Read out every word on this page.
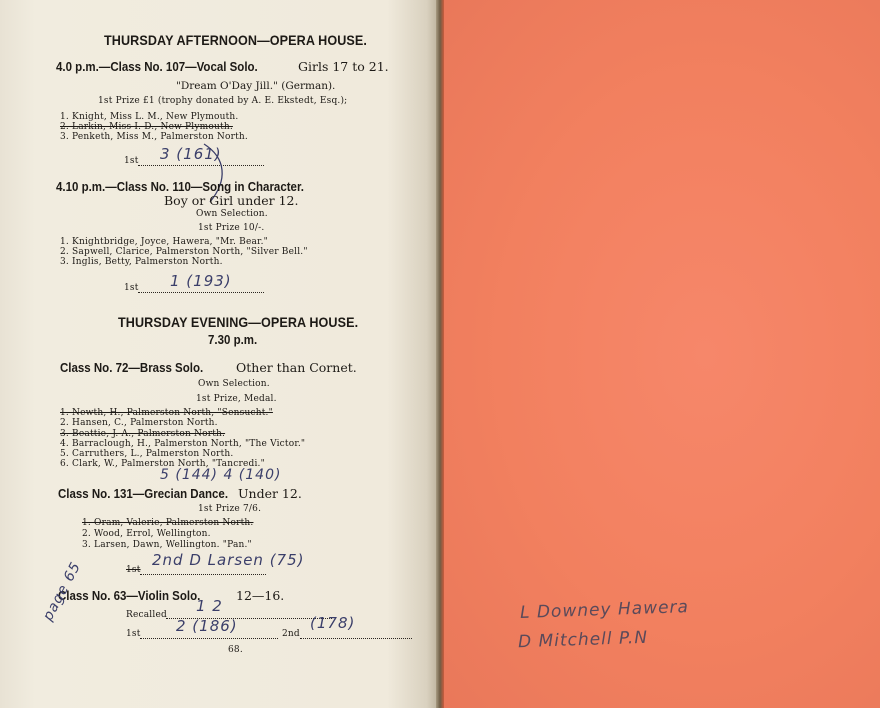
THURSDAY AFTERNOON—OPERA HOUSE.
4.0 p.m.—Class No. 107—Vocal Solo.	Girls 17 to 21.
"Dream O'Day Jill." (German).
1st Prize £1 (trophy donated by A. E. Ekstedt, Esq.);
1. Knight, Miss L. M., New Plymouth.
2. Larkin, Miss I. D., New Plymouth.
3. Penketh, Miss M., Palmerston North.
1st 3 (161)
4.10 p.m.—Class No. 110—Song in Character.
Boy or Girl under 12.
Own Selection.
1st Prize 10/-.
1. Knightbridge, Joyce, Hawera, "Mr. Bear."
2. Sapwell, Clarice, Palmerston North, "Silver Bell."
3. Inglis, Betty, Palmerston North.
1st 1 (193)
THURSDAY EVENING—OPERA HOUSE.
7.30 p.m.
Class No. 72—Brass Solo.	Other than Cornet.
Own Selection.
1st Prize, Medal.
1. Newth, H., Palmerston North, "Sensucht."
2. Hansen, C., Palmerston North.
3. Beattie, J. A., Palmerston North.
4. Barraclough, H., Palmerston North, "The Victor."
5. Carruthers, L., Palmerston North.
6. Clark, W., Palmerston North, "Tancredi."
5 (144) 4 (140)
Class No. 131—Grecian Dance. Under 12.
1st Prize 7/6.
1. Oram, Valerie, Palmerston North.
2. Wood, Errol, Wellington.
3. Larsen, Dawn, Wellington. "Pan."
1st
2nd D Larsen (75)
Class No. 63—Violin Solo.	12—16.
Recalled 1 2
1st 2 (186)	2nd
(178)
page 65
68.
L Downey Hawera
D Mitchell P.N
